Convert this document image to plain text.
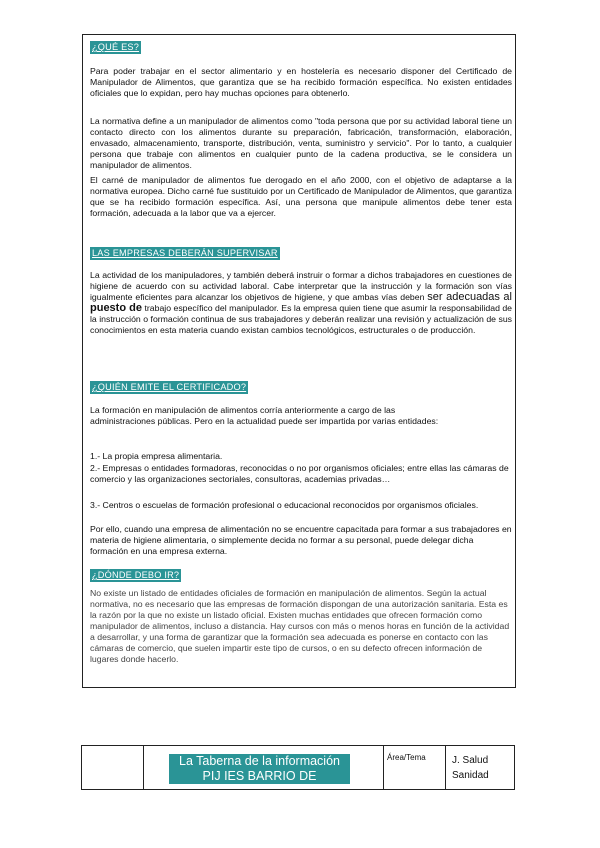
¿QUÉ ES?

Para poder trabajar en el sector alimentario y en hostelería es necesario disponer del Certificado de Manipulador de Alimentos, que garantiza que se ha recibido formación específica. No existen entidades oficiales que lo expidan, pero hay muchas opciones para obtenerlo.

La normativa define a un manipulador de alimentos como "toda persona que por su actividad laboral tiene un contacto directo con los alimentos durante su preparación, fabricación, transformación, elaboración, envasado, almacenamiento, transporte, distribución, venta, suministro y servicio". Por lo tanto, a cualquier persona que trabaje con alimentos en cualquier punto de la cadena productiva, se le considera un manipulador de alimentos.

El carné de manipulador de alimentos fue derogado en el año 2000, con el objetivo de adaptarse a la normativa europea. Dicho carné fue sustituido por un Certificado de Manipulador de Alimentos, que garantiza que se ha recibido formación específica. Así, una persona que manipule alimentos debe tener esta formación, adecuada a la labor que va a ejercer.

LAS EMPRESAS DEBERÁN SUPERVISAR

La actividad de los manipuladores, y también deberá instruir o formar a dichos trabajadores en cuestiones de higiene de acuerdo con su actividad laboral. Cabe interpretar que la instrucción y la formación son vías igualmente eficientes para alcanzar los objetivos de higiene, y que ambas vías deben ser adecuadas al puesto de trabajo específico del manipulador. Es la empresa quien tiene que asumir la responsabilidad de la instrucción o formación continua de sus trabajadores y deberán realizar una revisión y actualización de sus conocimientos en esta materia cuando existan cambios tecnológicos, estructurales o de producción.

¿QUIÉN EMITE EL CERTIFICADO?

La formación en manipulación de alimentos corría anteriormente a cargo de las administraciones públicas. Pero en la actualidad puede ser impartida por varias entidades:

1.- La propia empresa alimentaria.

2.- Empresas o entidades formadoras, reconocidas o no por organismos oficiales; entre ellas las cámaras de comercio y las organizaciones sectoriales, consultoras, academias privadas…

3.- Centros o escuelas de formación profesional o educacional reconocidos por organismos oficiales.

Por ello, cuando una empresa de alimentación no se encuentre capacitada para formar a sus trabajadores en materia de higiene alimentaria, o simplemente decida no formar a su personal, puede delegar dicha formación en una empresa externa.

¿DÓNDE DEBO IR?

No existe un listado de entidades oficiales de formación en manipulación de alimentos. Según la actual normativa, no es necesario que las empresas de formación dispongan de una autorización sanitaria. Esta es la razón por la que no existe un listado oficial. Existen muchas entidades que ofrecen formación como manipulador de alimentos, incluso a distancia. Hay cursos con más o menos horas en función de la actividad a desarrollar, y una forma de garantizar que la formación sea adecuada es ponerse en contacto con las cámaras de comercio, que suelen impartir este tipo de cursos, o en su defecto ofrecen información de lugares donde hacerlo.

La Taberna de la información
PIJ IES BARRIO DE
Área/Tema	J. Salud
Sanidad
